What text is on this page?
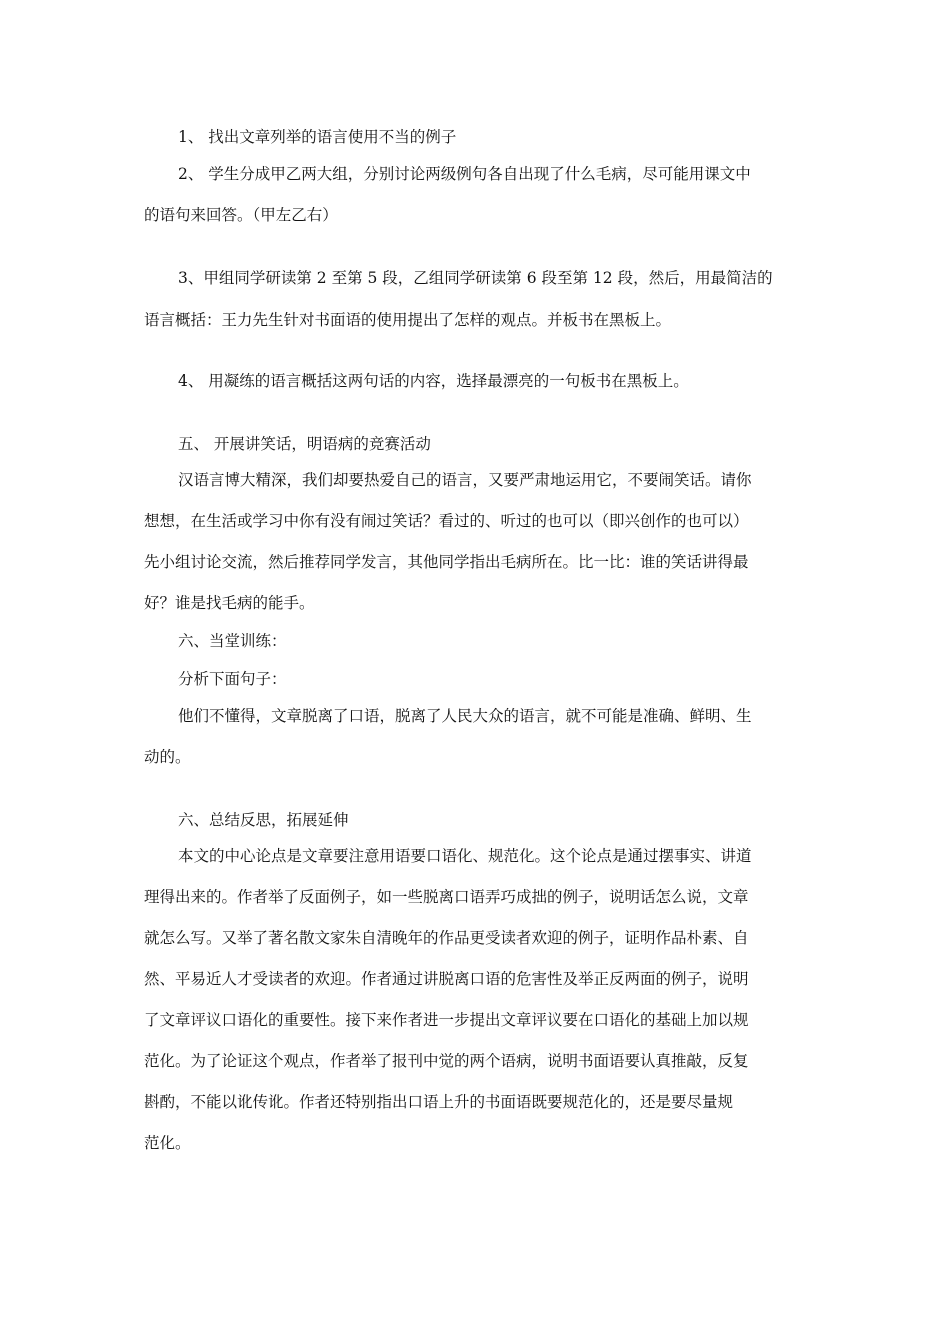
1、 找出文章列举的语言使用不当的例子
2、 学生分成甲乙两大组，分别讨论两级例句各自出现了什么毛病，尽可能用课文中
的语句来回答。（甲左乙右）
3、甲组同学研读第 2 至第 5 段，乙组同学研读第 6 段至第 12 段，然后，用最简洁的
语言概括：王力先生针对书面语的使用提出了怎样的观点。并板书在黑板上。
4、 用凝练的语言概括这两句话的内容，选择最漂亮的一句板书在黑板上。
五、 开展讲笑话，明语病的竞赛活动
汉语言博大精深，我们却要热爱自己的语言，又要严肃地运用它，不要闹笑话。请你
想想，在生活或学习中你有没有闹过笑话？看过的、听过的也可以（即兴创作的也可以）
先小组讨论交流，然后推荐同学发言，其他同学指出毛病所在。比一比：谁的笑话讲得最
好？谁是找毛病的能手。
六、当堂训练：
分析下面句子：
他们不懂得，文章脱离了口语，脱离了人民大众的语言，就不可能是准确、鲜明、生
动的。
六、总结反思，拓展延伸
本文的中心论点是文章要注意用语要口语化、规范化。这个论点是通过摆事实、讲道
理得出来的。作者举了反面例子，如一些脱离口语弄巧成拙的例子，说明话怎么说，文章
就怎么写。又举了著名散文家朱自清晚年的作品更受读者欢迎的例子，证明作品朴素、自
然、平易近人才受读者的欢迎。作者通过讲脱离口语的危害性及举正反两面的例子，说明
了文章评议口语化的重要性。接下来作者进一步提出文章评议要在口语化的基础上加以规
范化。为了论证这个观点，作者举了报刊中觉的两个语病，说明书面语要认真推敲，反复
斟酌，不能以讹传讹。作者还特别指出口语上升的书面语既要规范化的，还是要尽量规
范化。
